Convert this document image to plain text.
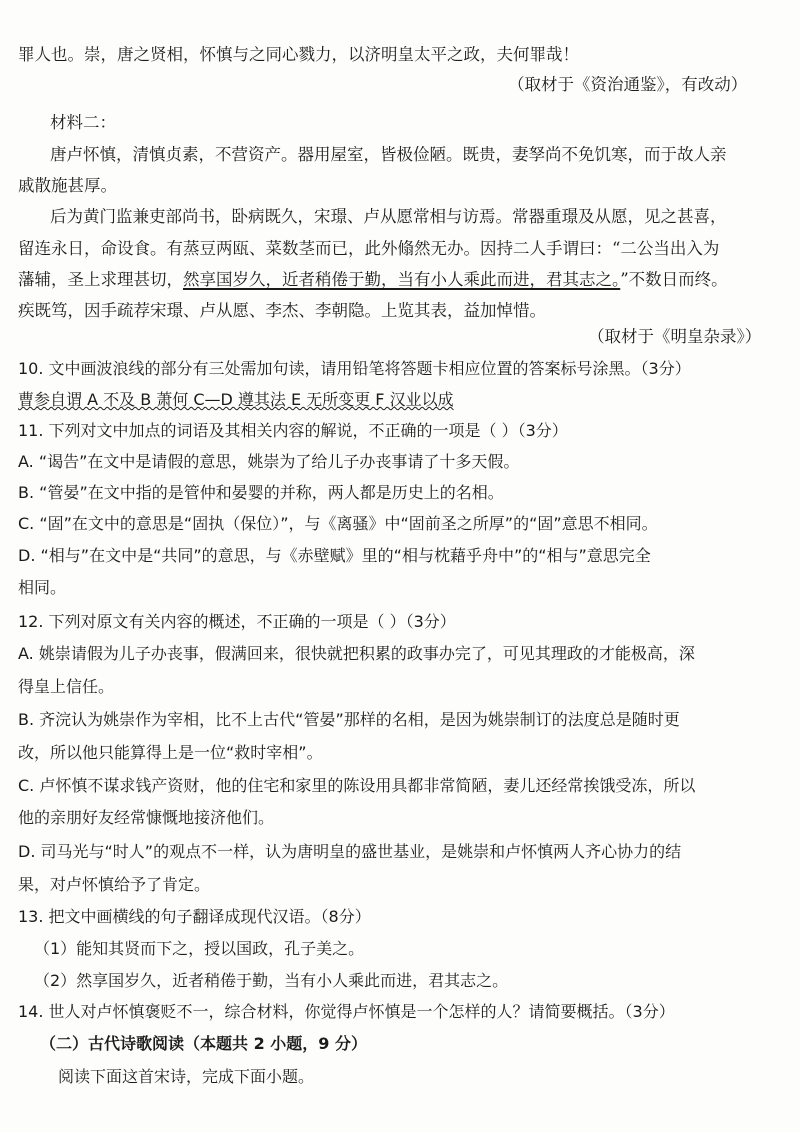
罪人也。崇，唐之贤相，怀慎与之同心戮力，以济明皇太平之政，夫何罪哉！
（取材于《资治通鉴》，有改动）
材料二：
唐卢怀慎，清慎贞素，不营资产。器用屋室，皆极俭陋。既贵，妻孥尚不免饥寒，而于故人亲
戚散施甚厚。
后为黄门监兼吏部尚书，卧病既久，宋璟、卢从愿常相与访焉。常器重璟及从愿，见之甚喜，
留连永日，命设食。有蒸豆两瓯、菜数茎而已，此外翛然无办。因持二人手谓曰：“二公当出入为
藩辅，圣上求理甚切，然享国岁久，近者稍倦于勤，当有小人乘此而进，君其志之。”不数日而终。
疾既笃，因手疏荐宋璟、卢从愿、李杰、李朝隐。上览其表，益加悼惜。
（取材于《明皇杂录》）
10. 文中画波浪线的部分有三处需加句读，请用铅笔将答题卡相应位置的答案标号涂黑。（3分）
曹参自谓 A 不及 B 萧何 C—D 遵其法 E 无所变更 F 汉业以成
11. 下列对文中加点的词语及其相关内容的解说，不正确的一项是（ ）（3分）
A. “谒告”在文中是请假的意思，姚崇为了给儿子办丧事请了十多天假。
B. “管晏”在文中指的是管仲和晏婴的并称，两人都是历史上的名相。
C. “固”在文中的意思是“固执（保位）”，与《离骚》中“固前圣之所厚”的“固”意思不相同。
D. “相与”在文中是“共同”的意思，与《赤壁赋》里的“相与枕藉乎舟中”的“相与”意思完全
相同。
12. 下列对原文有关内容的概述，不正确的一项是（ ）（3分）
A. 姚崇请假为儿子办丧事，假满回来，很快就把积累的政事办完了，可见其理政的才能极高，深
得皇上信任。
B. 齐浣认为姚崇作为宰相，比不上古代“管晏”那样的名相，是因为姚崇制订的法度总是随时更
改，所以他只能算得上是一位“救时宰相”。
C. 卢怀慎不谋求钱产资财，他的住宅和家里的陈设用具都非常简陋，妻儿还经常挨饿受冻，所以
他的亲朋好友经常慷慨地接济他们。
D. 司马光与“时人”的观点不一样，认为唐明皇的盛世基业，是姚崇和卢怀慎两人齐心协力的结
果，对卢怀慎给予了肯定。
13. 把文中画横线的句子翻译成现代汉语。（8分）
（1）能知其贤而下之，授以国政，孔子美之。
（2）然享国岁久，近者稍倦于勤，当有小人乘此而进，君其志之。
14. 世人对卢怀慎褒贬不一，综合材料，你觉得卢怀慎是一个怎样的人？请简要概括。（3分）
（二）古代诗歌阅读（本题共 2 小题，9 分）
阅读下面这首宋诗，完成下面小题。
